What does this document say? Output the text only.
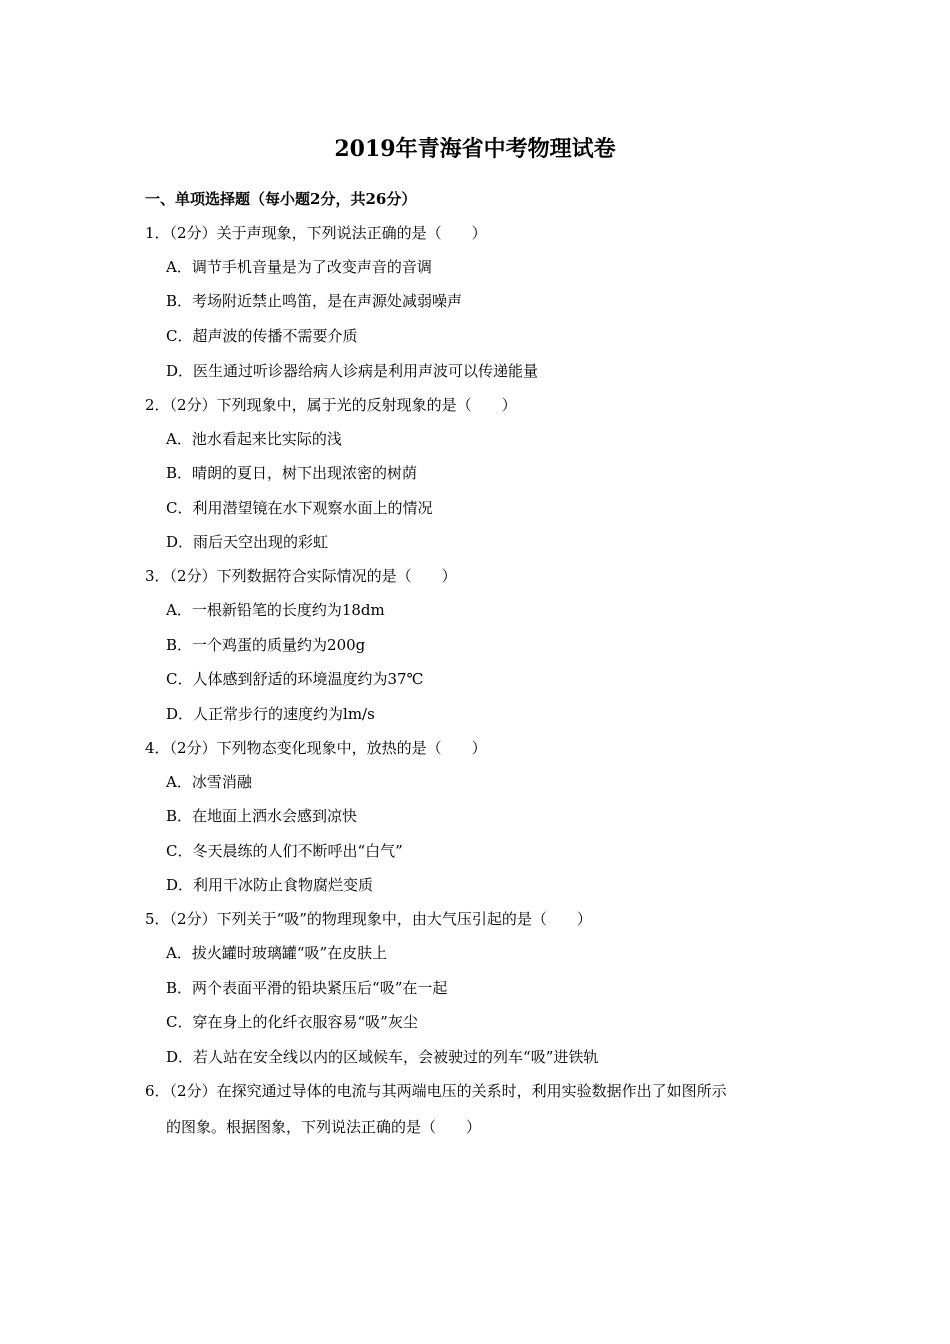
2019年青海省中考物理试卷
一、单项选择题（每小题2分，共26分）
1．（2分）关于声现象，下列说法正确的是（　　）
A．调节手机音量是为了改变声音的音调
B．考场附近禁止鸣笛，是在声源处减弱噪声
C．超声波的传播不需要介质
D．医生通过听诊器给病人诊病是利用声波可以传递能量
2．（2分）下列现象中，属于光的反射现象的是（　　）
A．池水看起来比实际的浅
B．晴朗的夏日，树下出现浓密的树荫
C．利用潜望镜在水下观察水面上的情况
D．雨后天空出现的彩虹
3．（2分）下列数据符合实际情况的是（　　）
A．一根新铅笔的长度约为18dm
B．一个鸡蛋的质量约为200g
C．人体感到舒适的环境温度约为37℃
D．人正常步行的速度约为lm/s
4．（2分）下列物态变化现象中，放热的是（　　）
A．冰雪消融
B．在地面上洒水会感到凉快
C．冬天晨练的人们不断呼出“白气”
D．利用干冰防止食物腐烂变质
5．（2分）下列关于“吸”的物理现象中，由大气压引起的是（　　）
A．拔火罐时玻璃罐“吸”在皮肤上
B．两个表面平滑的铅块紧压后“吸”在一起
C．穿在身上的化纤衣服容易“吸”灰尘
D．若人站在安全线以内的区域候车，会被驶过的列车“吸”进铁轨
6．（2分）在探究通过导体的电流与其两端电压的关系时，利用实验数据作出了如图所示
的图象。根据图象，下列说法正确的是（　　）
